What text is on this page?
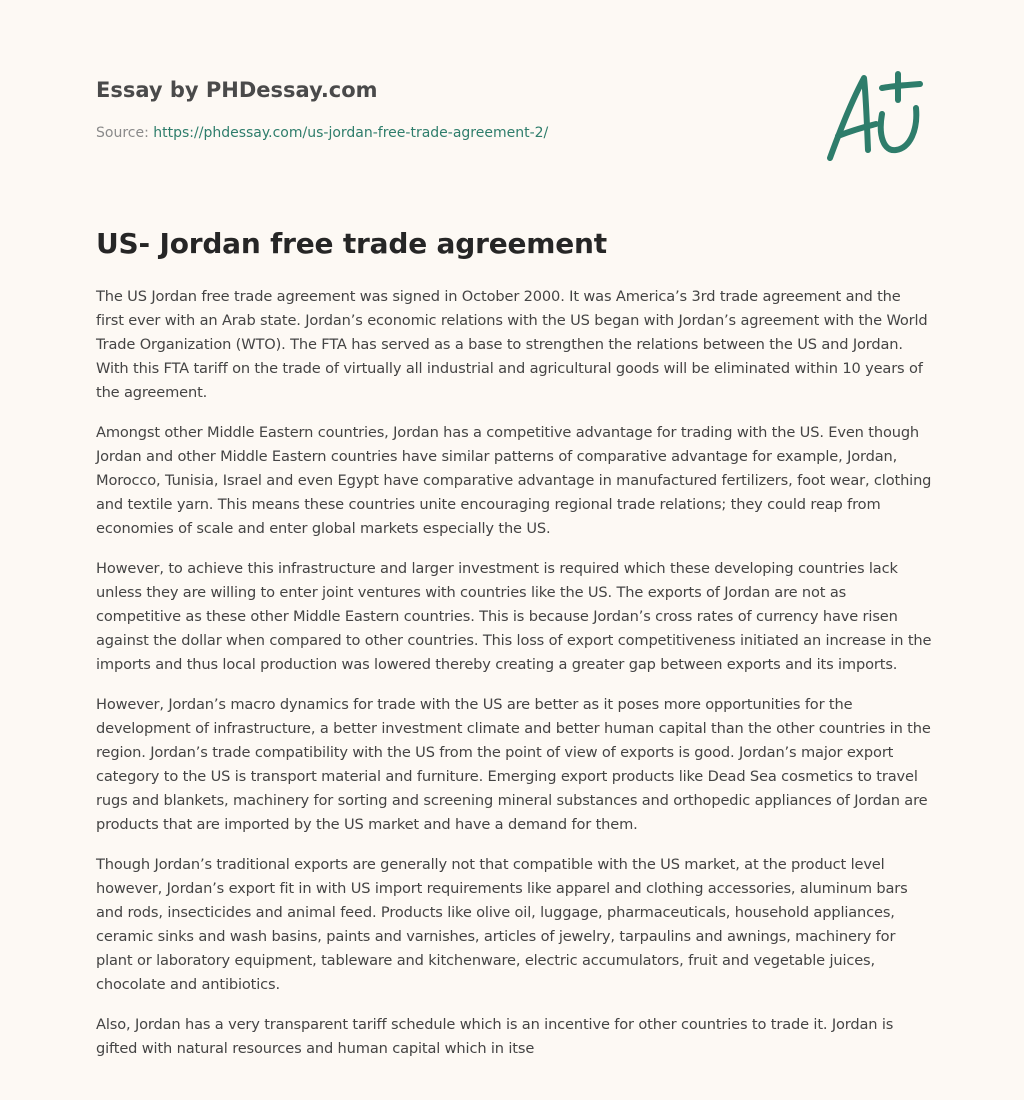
Essay by PHDessay.com
Source: https://phdessay.com/us-jordan-free-trade-agreement-2/
US- Jordan free trade agreement

The US Jordan free trade agreement was signed in October 2000. It was America’s 3rd trade agreement and the first ever with an Arab state. Jordan’s economic relations with the US began with Jordan’s agreement with the World Trade Organization (WTO). The FTA has served as a base to strengthen the relations between the US and Jordan. With this FTA tariff on the trade of virtually all industrial and agricultural goods will be eliminated within 10 years of the agreement.

Amongst other Middle Eastern countries, Jordan has a competitive advantage for trading with the US. Even though Jordan and other Middle Eastern countries have similar patterns of comparative advantage for example, Jordan, Morocco, Tunisia, Israel and even Egypt have comparative advantage in manufactured fertilizers, foot wear, clothing and textile yarn. This means these countries unite encouraging regional trade relations; they could reap from economies of scale and enter global markets especially the US.

However, to achieve this infrastructure and larger investment is required which these developing countries lack unless they are willing to enter joint ventures with countries like the US. The exports of Jordan are not as competitive as these other Middle Eastern countries. This is because Jordan’s cross rates of currency have risen against the dollar when compared to other countries. This loss of export competitiveness initiated an increase in the imports and thus local production was lowered thereby creating a greater gap between exports and its imports.

However, Jordan’s macro dynamics for trade with the US are better as it poses more opportunities for the development of infrastructure, a better investment climate and better human capital than the other countries in the region. Jordan’s trade compatibility with the US from the point of view of exports is good. Jordan’s major export category to the US is transport material and furniture. Emerging export products like Dead Sea cosmetics to travel rugs and blankets, machinery for sorting and screening mineral substances and orthopedic appliances of Jordan are products that are imported by the US market and have a demand for them.

Though Jordan’s traditional exports are generally not that compatible with the US market, at the product level however, Jordan’s export fit in with US import requirements like apparel and clothing accessories, aluminum bars and rods, insecticides and animal feed. Products like olive oil, luggage, pharmaceuticals, household appliances, ceramic sinks and wash basins, paints and varnishes, articles of jewelry, tarpaulins and awnings, machinery for plant or laboratory equipment, tableware and kitchenware, electric accumulators, fruit and vegetable juices, chocolate and antibiotics.

Also, Jordan has a very transparent tariff schedule which is an incentive for other countries to trade it. Jordan is gifted with natural resources and human capital which in itse
